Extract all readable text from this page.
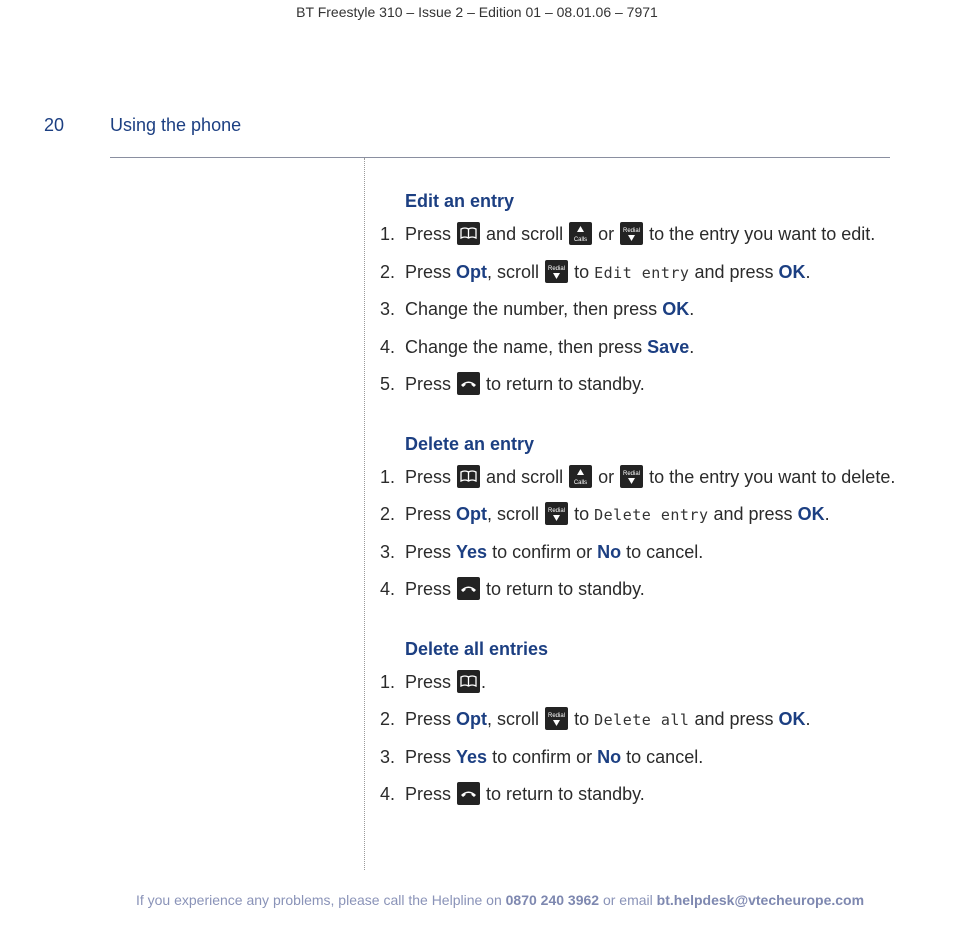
BT Freestyle 310 – Issue 2 – Edition 01 – 08.01.06 – 7971
20	Using the phone
Edit an entry
1. Press and scroll Calls or Redial to the entry you want to edit.
2. Press Opt, scroll Redial to Edit entry and press OK.
3. Change the number, then press OK.
4. Change the name, then press Save.
5. Press to return to standby.
Delete an entry
1. Press and scroll Calls or Redial to the entry you want to delete.
2. Press Opt, scroll Redial to Delete entry and press OK.
3. Press Yes to confirm or No to cancel.
4. Press to return to standby.
Delete all entries
1. Press .
2. Press Opt, scroll Redial to Delete all and press OK.
3. Press Yes to confirm or No to cancel.
4. Press to return to standby.
If you experience any problems, please call the Helpline on 0870 240 3962 or email bt.helpdesk@vtecheurope.com
